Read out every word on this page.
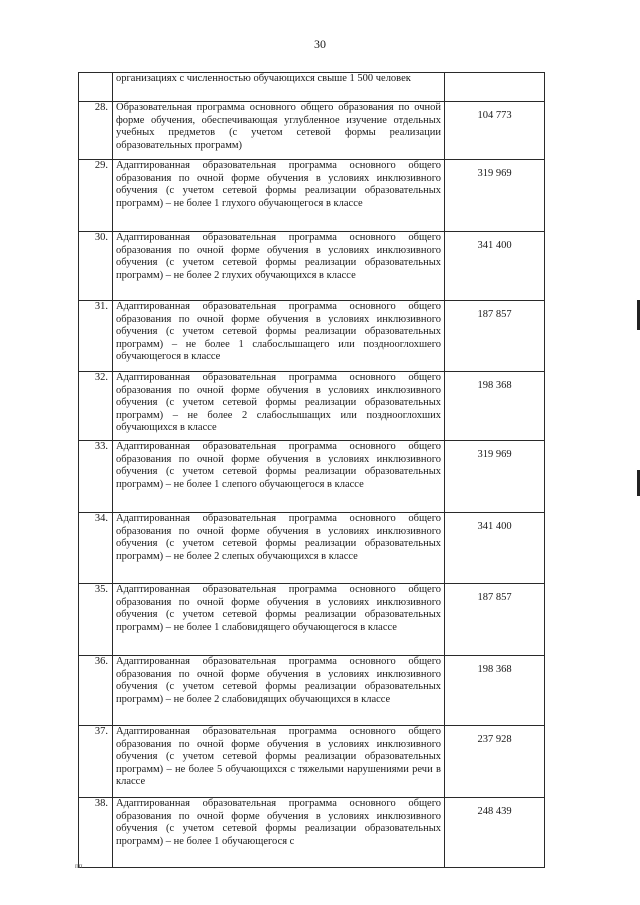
30
	организациях с численностью обучающихся свыше 1 500 человек	
28.	Образовательная программа основного общего образования по очной форме обучения, обеспечивающая углубленное изучение отдельных учебных предметов (с учетом сетевой формы реализации образовательных программ)	104 773
29.	Адаптированная образовательная программа основного общего образования по очной форме обучения в условиях инклюзивного обучения (с учетом сетевой формы реализации образовательных программ) – не более 1 глухого обучающегося в классе	319 969
30.	Адаптированная образовательная программа основного общего образования по очной форме обучения в условиях инклюзивного обучения (с учетом сетевой формы реализации образовательных программ) – не более 2 глухих обучающихся в классе	341 400
31.	Адаптированная образовательная программа основного общего образования по очной форме обучения в условиях инклюзивного обучения (с учетом сетевой формы реализации образовательных программ) – не более 1 слабослышащего или позднооглохшего обучающегося в классе	187 857
32.	Адаптированная образовательная программа основного общего образования по очной форме обучения в условиях инклюзивного обучения (с учетом сетевой формы реализации образовательных программ) – не более 2 слабослышащих или позднооглохших обучающихся в классе	198 368
33.	Адаптированная образовательная программа основного общего образования по очной форме обучения в условиях инклюзивного обучения (с учетом сетевой формы реализации образовательных программ) – не более 1 слепого обучающегося в классе	319 969
34.	Адаптированная образовательная программа основного общего образования по очной форме обучения в условиях инклюзивного обучения (с учетом сетевой формы реализации образовательных программ) – не более 2 слепых обучающихся в классе	341 400
35.	Адаптированная образовательная программа основного общего образования по очной форме обучения в условиях инклюзивного обучения (с учетом сетевой формы реализации образовательных программ) – не более 1 слабовидящего обучающегося в классе	187 857
36.	Адаптированная образовательная программа основного общего образования по очной форме обучения в условиях инклюзивного обучения (с учетом сетевой формы реализации образовательных программ) – не более 2 слабовидящих обучающихся в классе	198 368
37.	Адаптированная образовательная программа основного общего образования по очной форме обучения в условиях инклюзивного обучения (с учетом сетевой формы реализации образовательных программ) – не более 5 обучающихся с тяжелыми нарушениями речи в классе	237 928
38.	Адаптированная образовательная программа основного общего образования по очной форме обучения в условиях инклюзивного обучения (с учетом сетевой формы реализации образовательных программ) – не более 1 обучающегося с	248 439
пп
